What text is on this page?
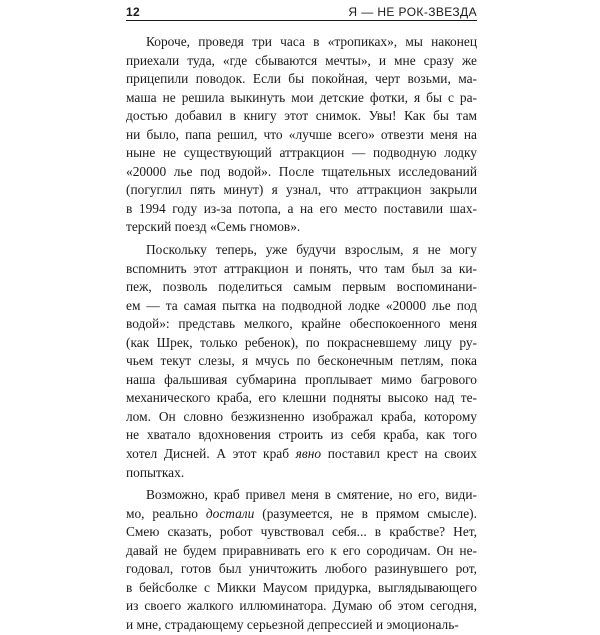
12	Я — НЕ РОК-ЗВЕЗДА
Короче, проведя три часа в «тропиках», мы наконец
приехали туда, «где сбываются мечты», и мне сразу же
прицепили поводок. Если бы покойная, черт возьми, ма-
маша не решила выкинуть мои детские фотки, я бы с ра-
достью добавил в книгу этот снимок. Увы! Как бы там
ни было, папа решил, что «лучше всего» отвезти меня на
ныне не существующий аттракцион — подводную лодку
«20000 лье под водой». После тщательных исследований
(погуглил пять минут) я узнал, что аттракцион закрыли
в 1994 году из-за потопа, а на его место поставили шах-
терский поезд «Семь гномов».
Поскольку теперь, уже будучи взрослым, я не могу
вспомнить этот аттракцион и понять, что там был за ки-
пеж, позволь поделиться самым первым воспоминани-
ем — та самая пытка на подводной лодке «20000 лье под
водой»: представь мелкого, крайне обеспокоенного меня
(как Шрек, только ребенок), по покрасневшему лицу ру-
чьем текут слезы, я мчусь по бесконечным петлям, пока
наша фальшивая субмарина проплывает мимо багрового
механического краба, его клешни подняты высоко над те-
лом. Он словно безжизненно изображал краба, которому
не хватало вдохновения строить из себя краба, как того
хотел Дисней. А этот краб явно поставил крест на своих
попытках.
Возможно, краб привел меня в смятение, но его, види-
мо, реально достали (разумеется, не в прямом смысле).
Смею сказать, робот чувствовал себя... в крабстве? Нет,
давай не будем приравнивать его к его сородичам. Он не-
годовал, готов был уничтожить любого разинувшего рот,
в бейсболке с Микки Маусом придурка, выглядывающего
из своего жалкого иллюминатора. Думаю об этом сегодня,
и мне, страдающему серьезной депрессией и эмоциональ-
